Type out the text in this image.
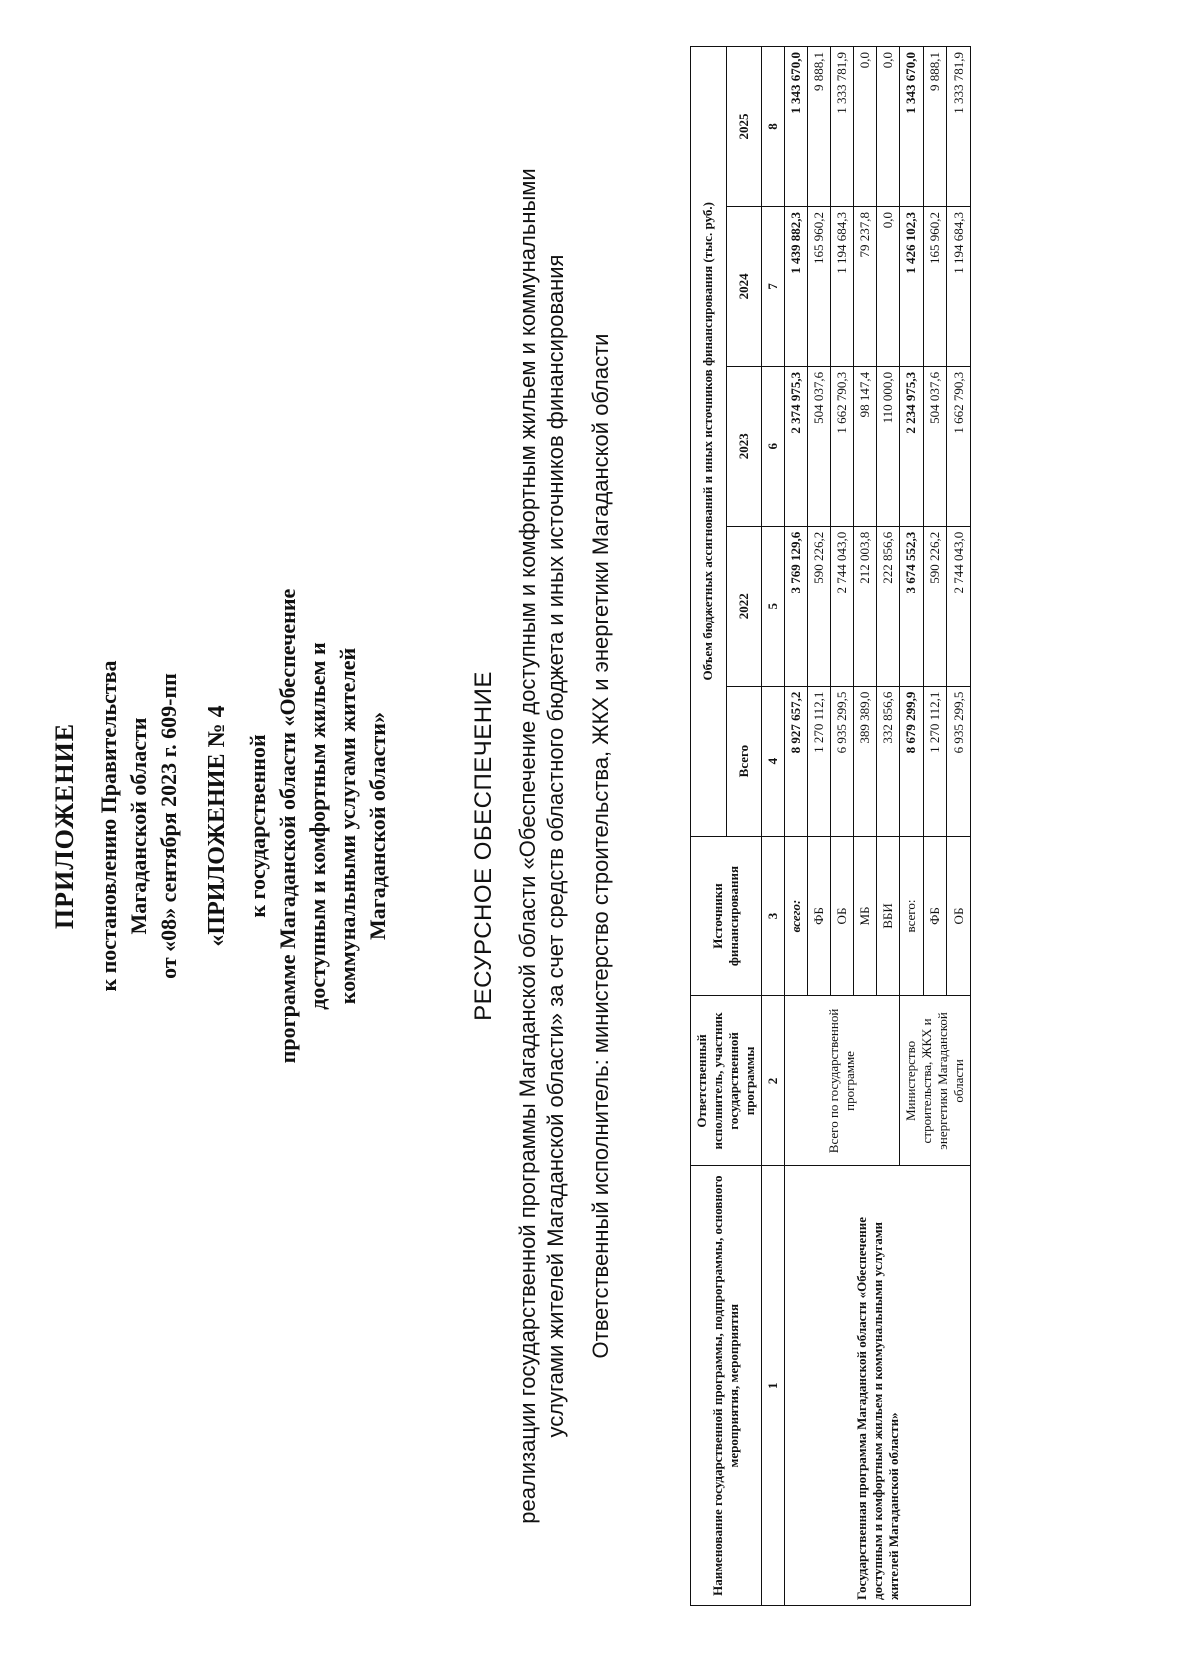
ПРИЛОЖЕНИЕ к постановлению Правительства Магаданской области от «08» сентября 2023 г. 609-пп «ПРИЛОЖЕНИЕ № 4 к государственной программе Магаданской области «Обеспечение доступным и комфортным жильем и коммунальными услугами жителей Магаданской области»	РЕСУРСНОЕ ОБЕСПЕЧЕНИЕ реализации государственной программы Магаданской области «Обеспечение доступным и комфортным жильем и коммунальными услугами жителей Магаданской области» за счет средств областного бюджета и иных источников финансирования Ответственный исполнитель: министерство строительства, ЖКХ и энергетики Магаданской области
Наименование государственной программы, подпрограммы, основного мероприятия, мероприятия	Ответственный исполнитель, участник государственной программы	Источники финансирования	Объем бюджетных ассигнований и иных источников финансирования (тыс. руб.)				
			Всего	2022	2023	2024	2025
1	2	3	4	5	6	7	8
Государственная программа Магаданской области «Обеспечение доступным и комфортным жильем и коммунальными услугами жителей Магаданской области»	Всего по государственной программе	всего:	8 927 657,2	3 769 129,6	2 374 975,3	1 439 882,3	1 343 670,0
		ФБ	1 270 112,1	590 226,2	504 037,6	165 960,2	9 888,1
		ОБ	6 935 299,5	2 744 043,0	1 662 790,3	1 194 684,3	1 333 781,9
		МБ	389 389,0	212 003,8	98 147,4	79 237,8	0,0
		ВБИ	332 856,6	222 856,6	110 000,0	0,0	0,0
	Министерство строительства, ЖКХ и энергетики Магаданской области	всего:	8 679 299,9	3 674 552,3	2 234 975,3	1 426 102,3	1 343 670,0
		ФБ	1 270 112,1	590 226,2	504 037,6	165 960,2	9 888,1
		ОБ	6 935 299,5	2 744 043,0	1 662 790,3	1 194 684,3	1 333 781,9
